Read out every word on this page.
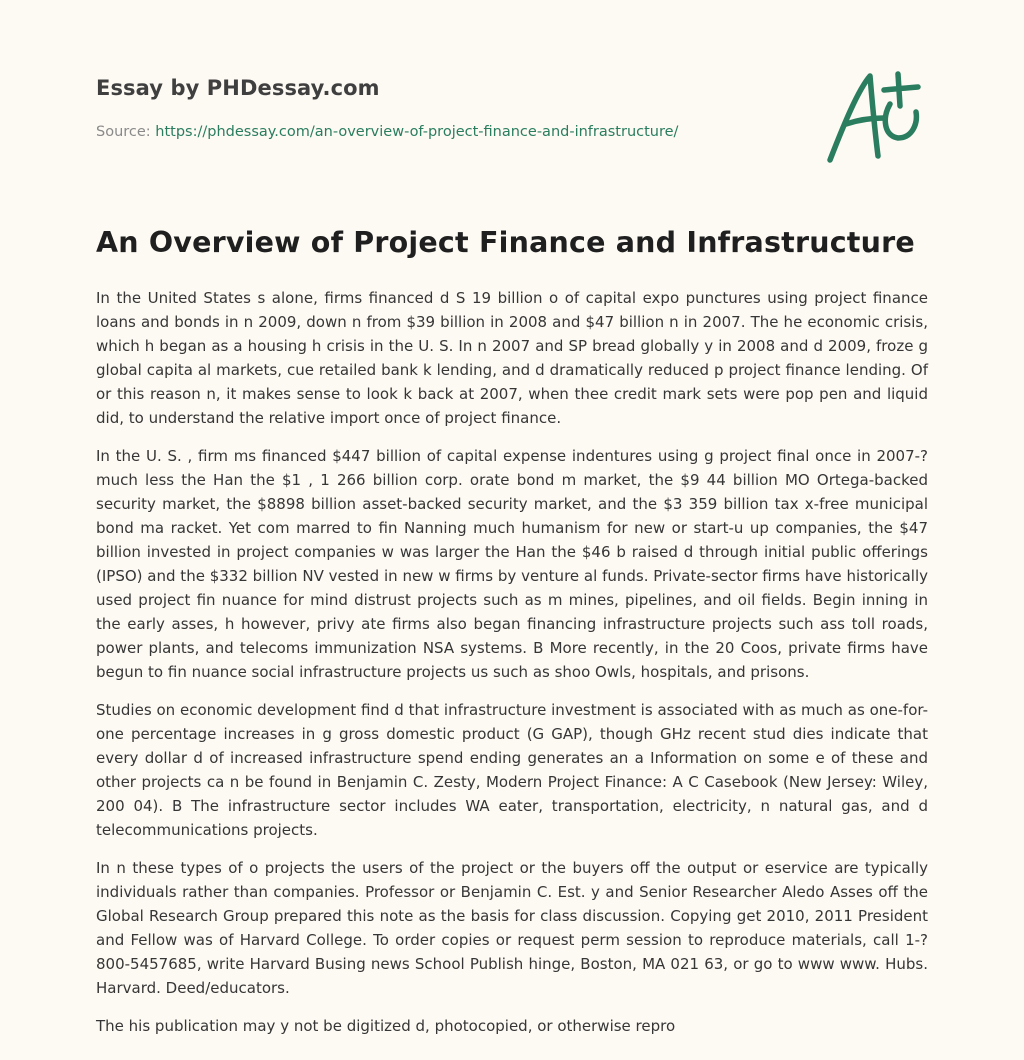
Essay by PHDessay.com
Source: https://phdessay.com/an-overview-of-project-finance-and-infrastructure/
An Overview of Project Finance and Infrastructure

In the United States s alone, firms financed d S 19 billion o of capital expo punctures using project finance loans and bonds in n 2009, down n from $39 billion in 2008 and $47 billion n in 2007. The he economic crisis, which h began as a housing h crisis in the U. S. In n 2007 and SP bread globally y in 2008 and d 2009, froze g global capita al markets, cue retailed bank k lending, and d dramatically reduced p project finance lending. Of or this reason n, it makes sense to look k back at 2007, when thee credit mark sets were pop pen and liquid did, to understand the relative import once of project finance.

In the U. S. , firm ms financed $447 billion of capital expense indentures using g project final once in 2007-?much less the Han the $1 , 1 266 billion corp. orate bond m market, the $9 44 billion MO Ortega-backed security market, the $8898 billion asset-backed security market, and the $3 359 billion tax x-free municipal bond ma racket. Yet com marred to fin Nanning much humanism for new or start-u up companies, the $47 billion invested in project companies w was larger the Han the $46 b raised d through initial public offerings (IPSO) and the $332 billion NV vested in new w firms by venture al funds. Private-sector firms have historically used project fin nuance for mind distrust projects such as m mines, pipelines, and oil fields. Begin inning in the early asses, h however, privy ate firms also began financing infrastructure projects such ass toll roads, power plants, and telecoms immunization NSA systems. B More recently, in the 20 Coos, private firms have begun to fin nuance social infrastructure projects us such as shoo Owls, hospitals, and prisons.

Studies on economic development find d that infrastructure investment is associated with as much as one-for-one percentage increases in g gross domestic product (G GAP), though GHz recent stud dies indicate that every dollar d of increased infrastructure spend ending generates an a Information on some e of these and other projects ca n be found in Benjamin C. Zesty, Modern Project Finance: A C Casebook (New Jersey: Wiley, 200 04). B The infrastructure sector includes WA eater, transportation, electricity, n natural gas, and d telecommunications projects.

In n these types of o projects the users of the project or the buyers off the output or eservice are typically individuals rather than companies. Professor or Benjamin C. Est. y and Senior Researcher Aledo Asses off the Global Research Group prepared this note as the basis for class discussion. Copying get 2010, 2011 President and Fellow was of Harvard College. To order copies or request perm session to reproduce materials, call 1-?800-5457685, write Harvard Busing news School Publish hinge, Boston, MA 021 63, or go to www www. Hubs. Harvard. Deed/educators.

The his publication may y not be digitized d, photocopied, or otherwise repro
